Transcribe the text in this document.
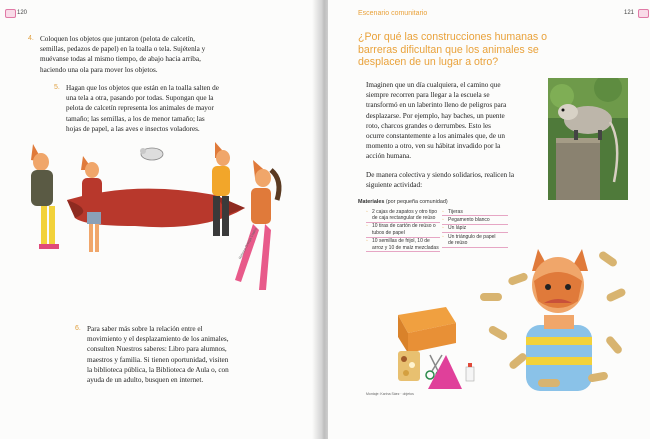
120
4. Coloquen los objetos que juntaron (pelota de calcetín,
semillas, pedazos de papel) en la toalla o tela. Sujétenla y
muévanse todas al mismo tiempo, de abajo hacia arriba,
haciendo una ola para mover los objetos.
5. Hagan que los objetos que están en la toalla salten de
una tela a otra, pasando por todas. Supongan que la
pelota de calcetín representa los animales de mayor
tamaño; las semillas, a los de menor tamaño; las
hojas de papel, a las aves e insectos voladores.
Rebeca Ortega Castro
6. Para saber más sobre la relación entre el
movimiento y el desplazamiento de los animales,
consulten Nuestros saberes: Libro para alumnos,
maestros y familia. Si tienen oportunidad, visiten
la biblioteca pública, la Biblioteca de Aula o, con
ayuda de un adulto, busquen en internet.
Escenario comunitario	121
¿Por qué las construcciones humanas o
barreras dificultan que los animales se
desplacen de un lugar a otro?
Imaginen que un día cualquiera, el camino que
siempre recorren para llegar a la escuela se
transformó en un laberinto lleno de peligros para
desplazarse. Por ejemplo, hay baches, un puente
roto, charcos grandes o derrumbes. Esto les
ocurre constantemente a los animales que, de un
momento a otro, ven su hábitat invadido por la
acción humana.
De manera colectiva y siendo solidarios, realicen la
siguiente actividad:
Materiales (por pequeña comunidad)
◦ 2 cajas de zapatos y otro tipo
de caja rectangular de reúso
◦ 10 tiras de cartón de reúso o
tubos de papel
◦ 10 semillas de frijol, 10 de
arroz y 10 de maíz mezcladas
◦ Tijeras
◦ Pegamento blanco
◦ Un lápiz
◦ Un triángulo de papel
de reúso
Montaje: Karina Sáez · objetos
